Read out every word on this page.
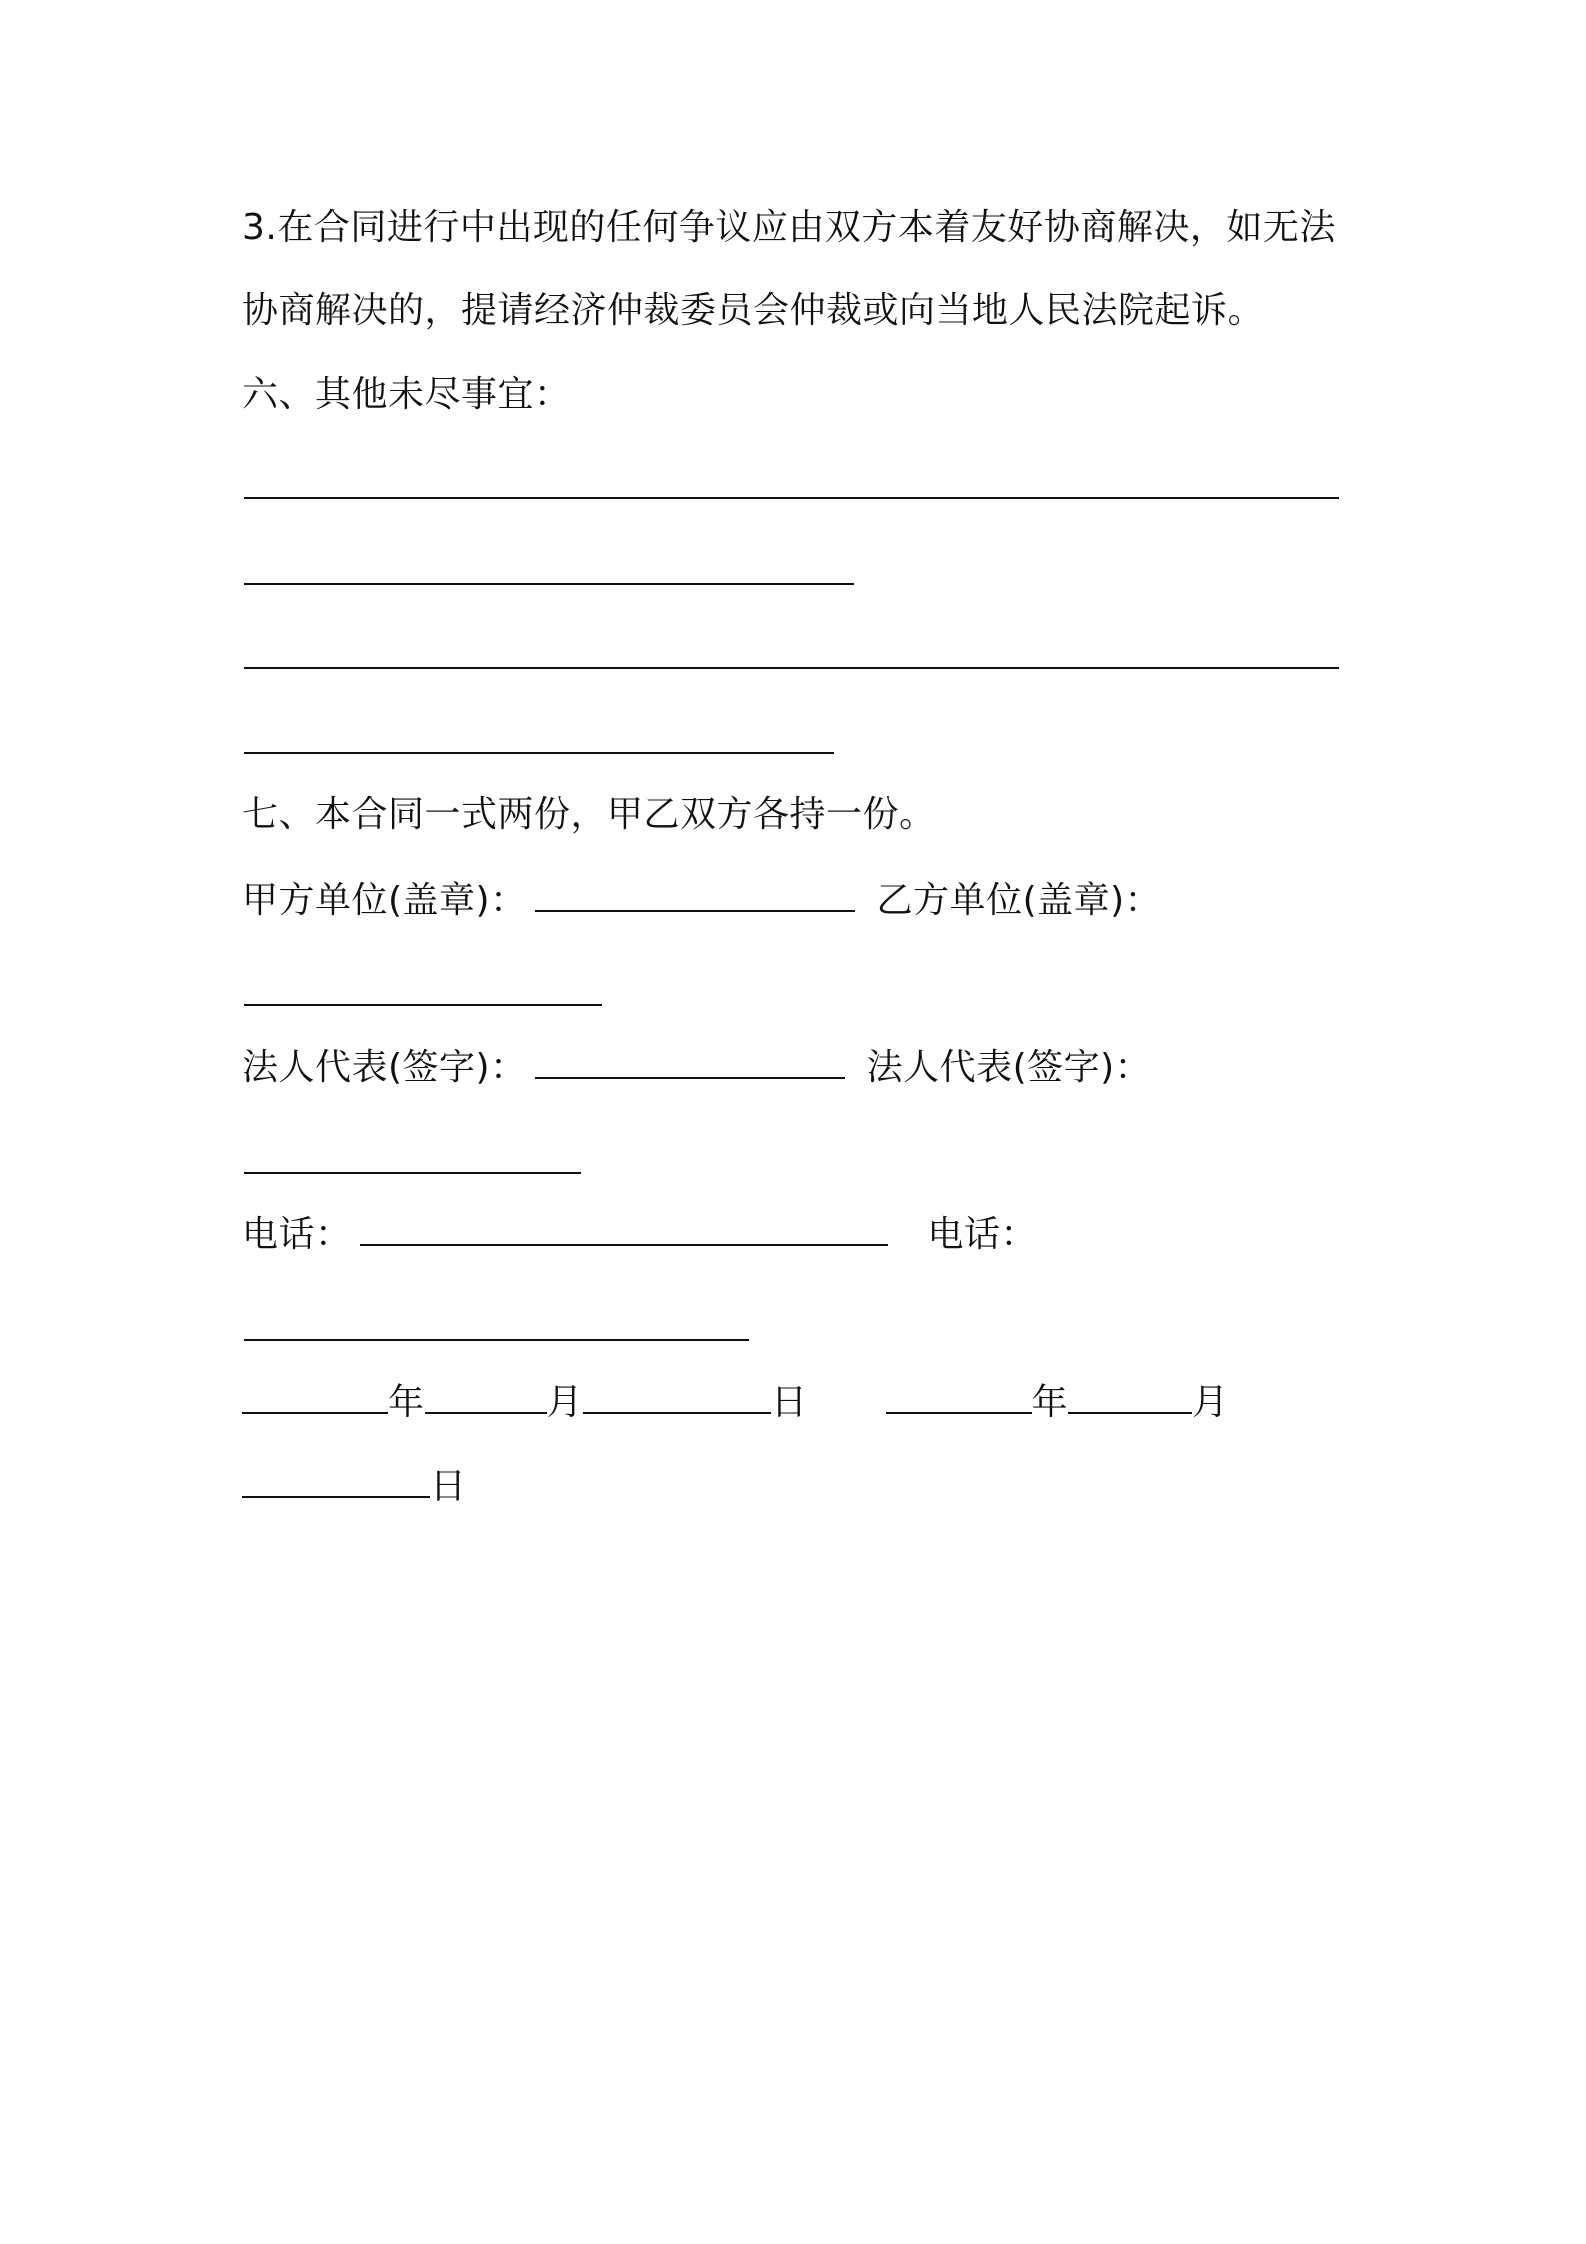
3.在合同进行中出现的任何争议应由双方本着友好协商解决，如无法
协商解决的，提请经济仲裁委员会仲裁或向当地人民法院起诉。
六、其他未尽事宜：
七、本合同一式两份，甲乙双方各持一份。
甲方单位(盖章)：	乙方单位(盖章)：
法人代表(签字)：	法人代表(签字)：
电话：	电话：
年	月	日	年	月
日
